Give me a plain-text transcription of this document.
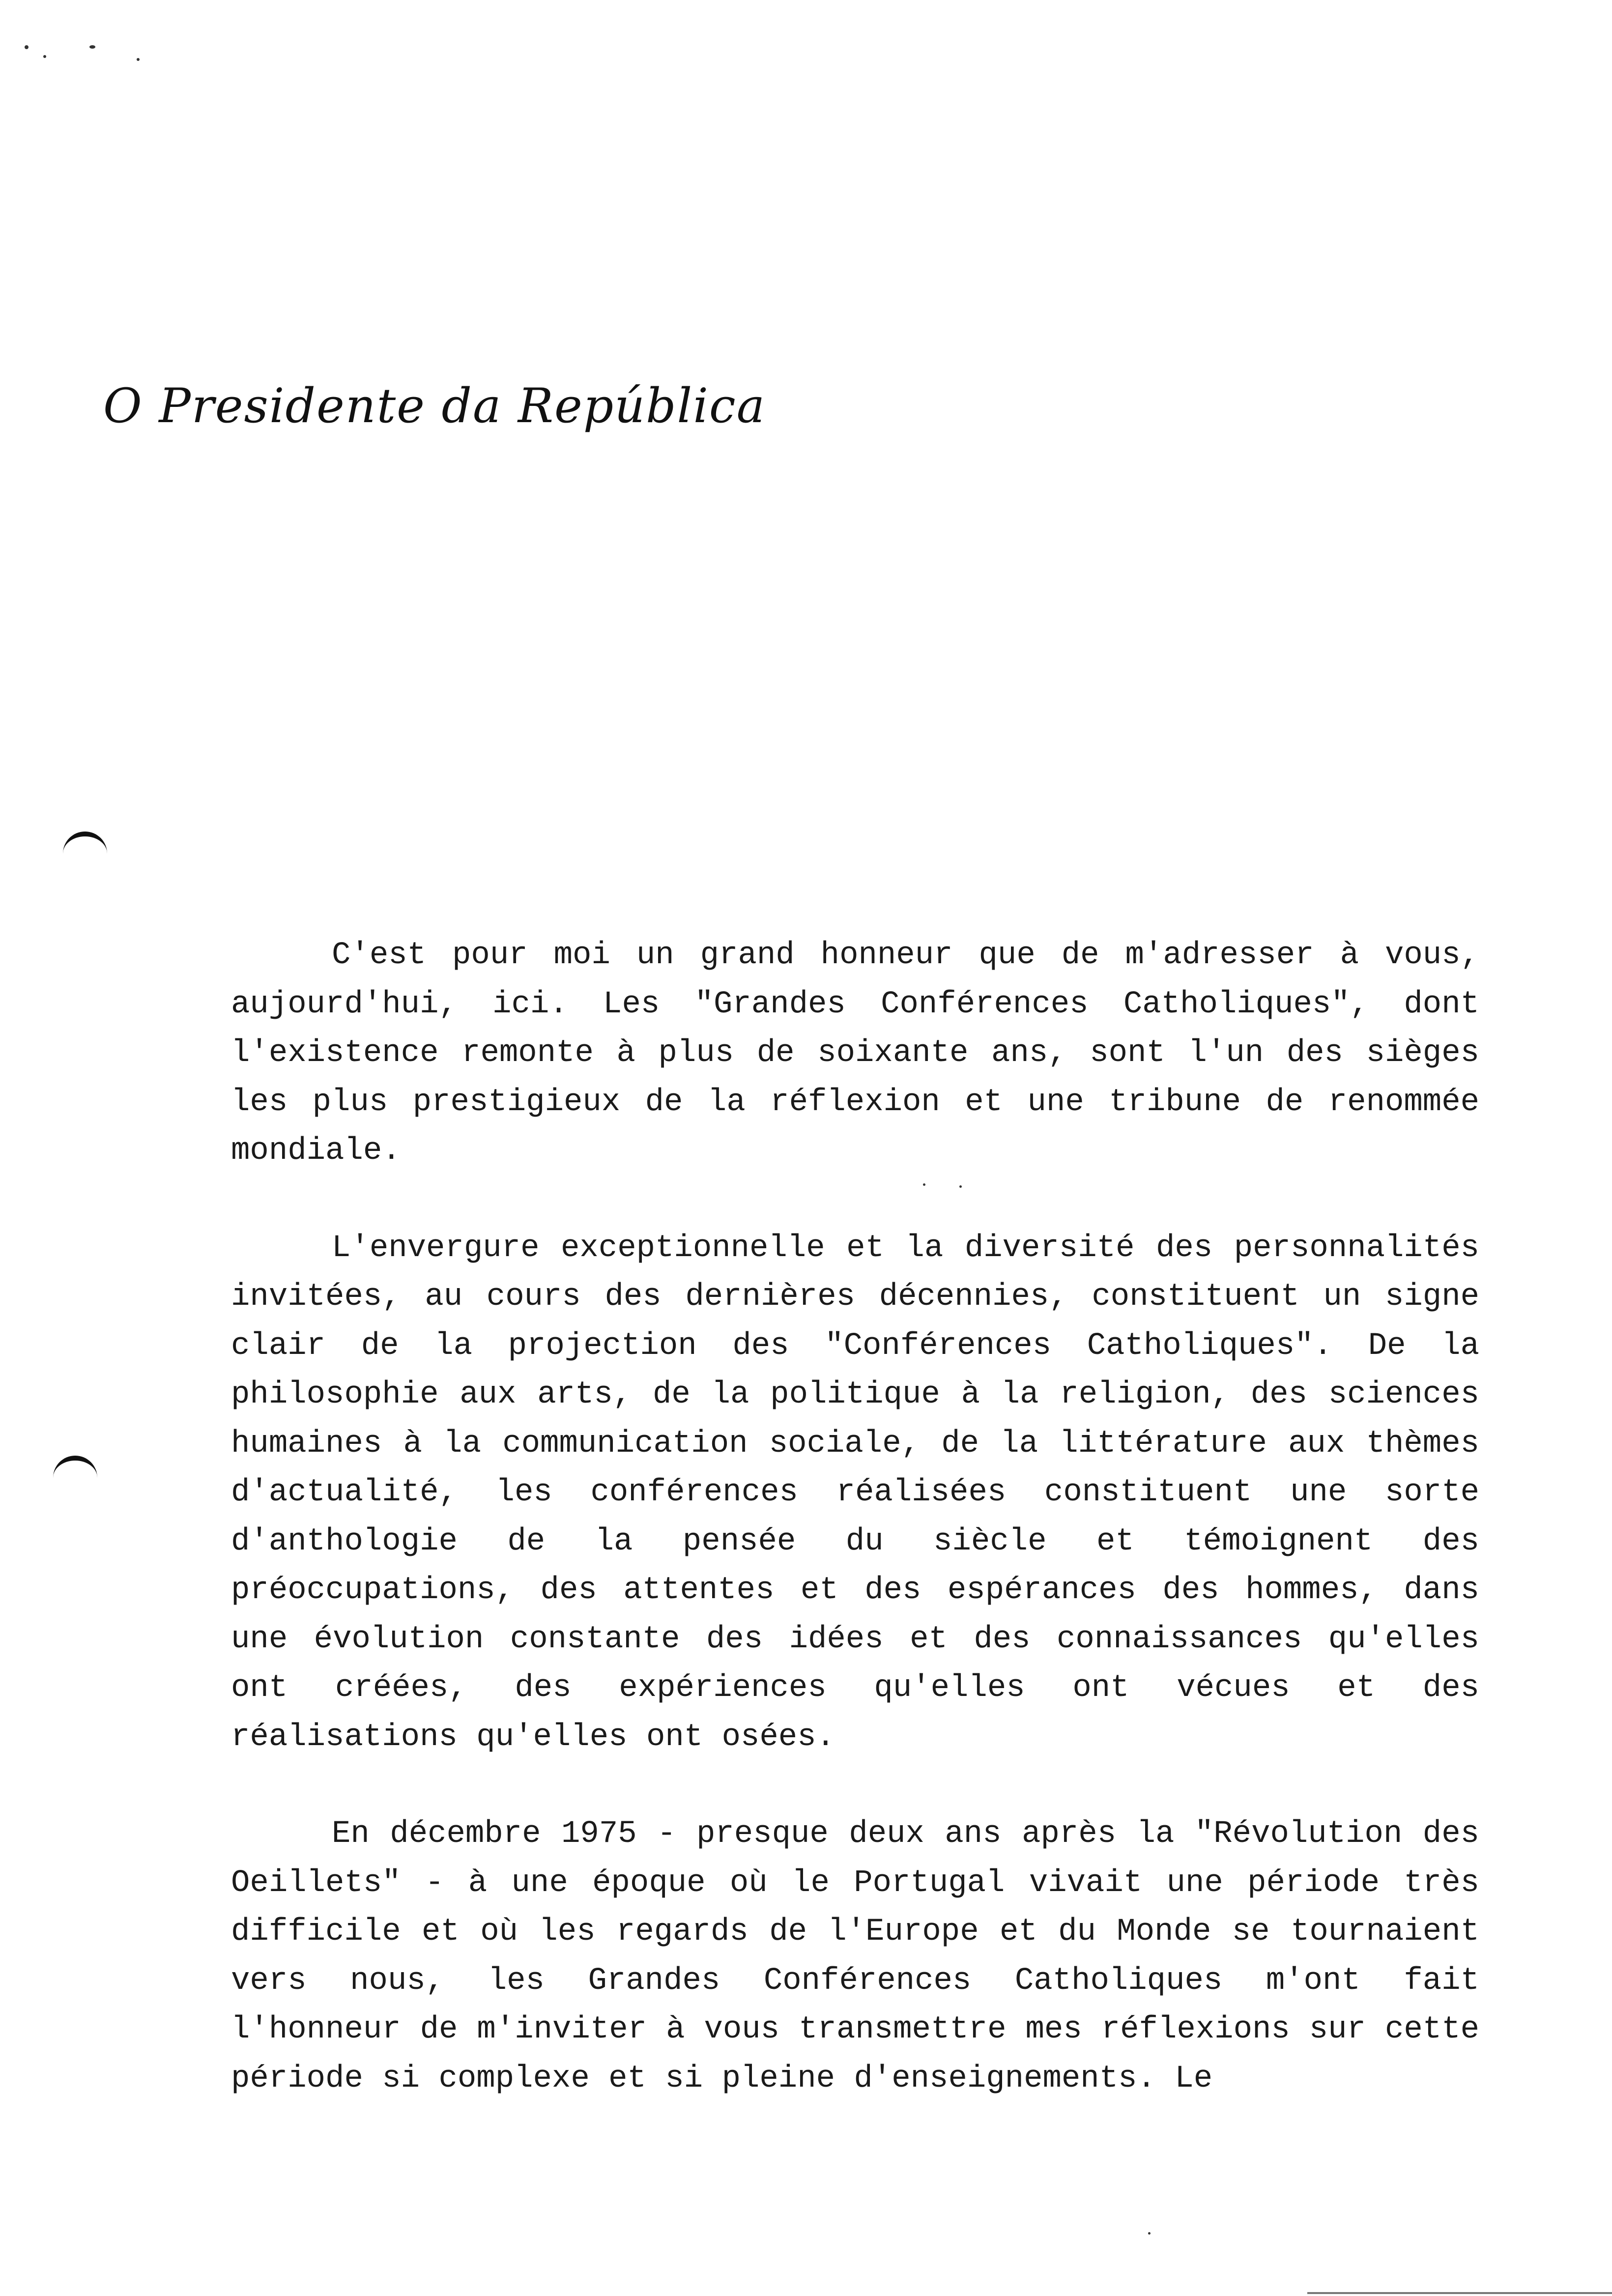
O Presidente da República

C'est pour moi un grand honneur que de m'adresser à vous, aujourd'hui, ici. Les "Grandes Conférences Catholiques", dont l'existence remonte à plus de soixante ans, sont l'un des sièges les plus prestigieux de la réflexion et une tribune de renommée mondiale.

L'envergure exceptionnelle et la diversité des personnalités invitées, au cours des dernières décennies, constituent un signe clair de la projection des "Conférences Catholiques". De la philosophie aux arts, de la politique à la religion, des sciences humaines à la communication sociale, de la littérature aux thèmes d'actualité, les conférences réalisées constituent une sorte d'anthologie de la pensée du siècle et témoignent des préoccupations, des attentes et des espérances des hommes, dans une évolution constante des idées et des connaissances qu'elles ont créées, des expériences qu'elles ont vécues et des réalisations qu'elles ont osées.

En décembre 1975 - presque deux ans après la "Révolution des Oeillets" - à une époque où le Portugal vivait une période très difficile et où les regards de l'Europe et du Monde se tournaient vers nous, les Grandes Conférences Catholiques m'ont fait l'honneur de m'inviter à vous transmettre mes réflexions sur cette période si complexe et si pleine d'enseignements. Le
